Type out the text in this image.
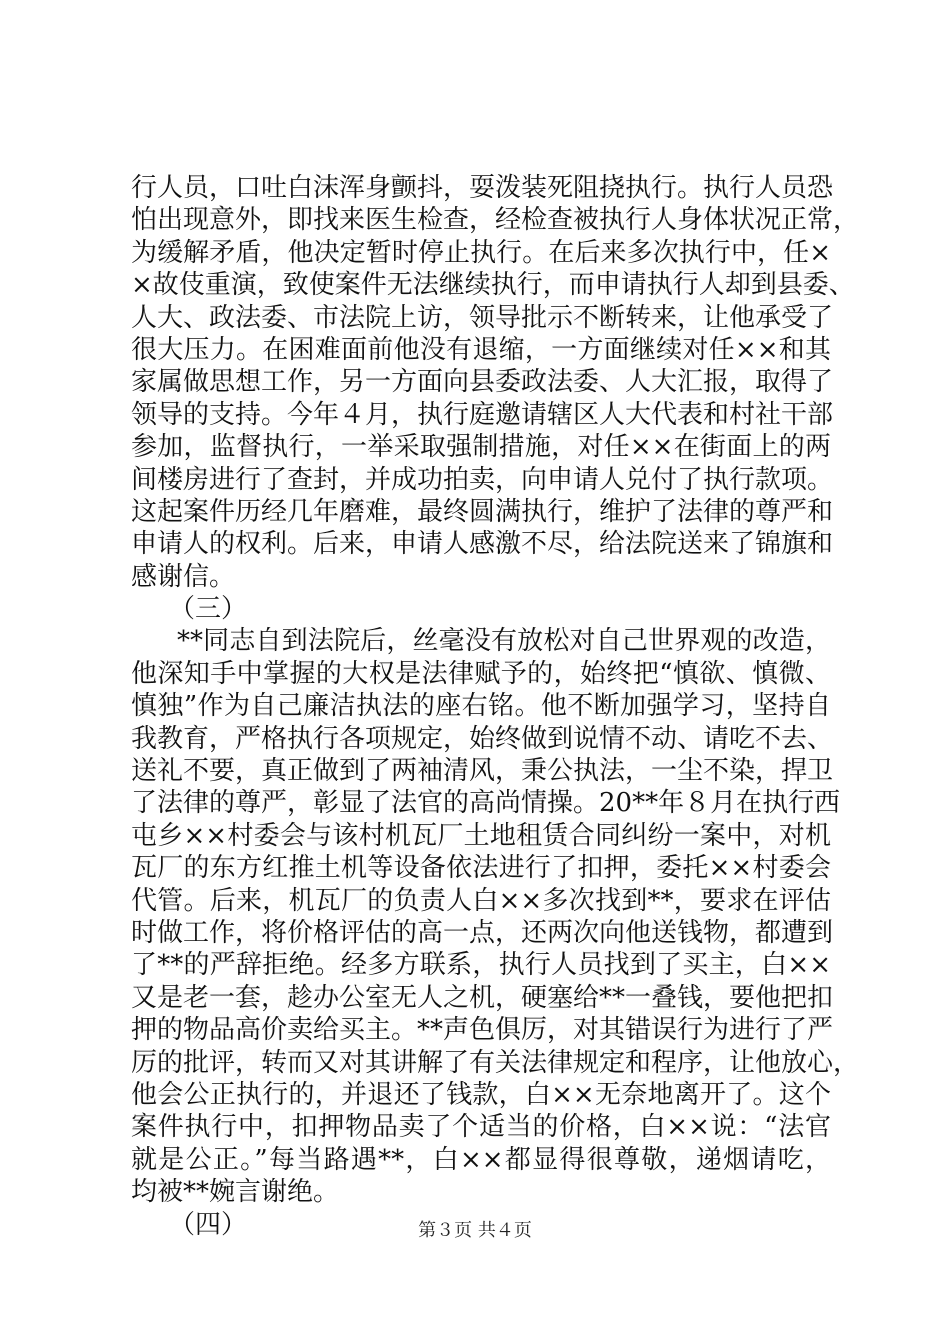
行人员，口吐白沫浑身颤抖，耍泼装死阻挠执行。执行人员恐
怕出现意外，即找来医生检查，经检查被执行人身体状况正常，
为缓解矛盾，他决定暂时停止执行。在后来多次执行中，任×
×故伎重演，致使案件无法继续执行，而申请执行人却到县委、
人大、政法委、市法院上访，领导批示不断转来，让他承受了
很大压力。在困难面前他没有退缩，一方面继续对任××和其
家属做思想工作，另一方面向县委政法委、人大汇报，取得了
领导的支持。今年４月，执行庭邀请辖区人大代表和村社干部
参加，监督执行，一举采取强制措施，对任××在街面上的两
间楼房进行了查封，并成功拍卖，向申请人兑付了执行款项。
这起案件历经几年磨难，最终圆满执行，维护了法律的尊严和
申请人的权利。后来，申请人感激不尽，给法院送来了锦旗和
感谢信。
（三）
**同志自到法院后，丝毫没有放松对自己世界观的改造，
他深知手中掌握的大权是法律赋予的，始终把“慎欲、慎微、
慎独”作为自己廉洁执法的座右铭。他不断加强学习，坚持自
我教育，严格执行各项规定，始终做到说情不动、请吃不去、
送礼不要，真正做到了两袖清风，秉公执法，一尘不染，捍卫
了法律的尊严，彰显了法官的高尚情操。20**年８月在执行西
屯乡××村委会与该村机瓦厂土地租赁合同纠纷一案中，对机
瓦厂的东方红推土机等设备依法进行了扣押，委托××村委会
代管。后来，机瓦厂的负责人白××多次找到**，要求在评估
时做工作，将价格评估的高一点，还两次向他送钱物，都遭到
了**的严辞拒绝。经多方联系，执行人员找到了买主，白××
又是老一套，趁办公室无人之机，硬塞给**一叠钱，要他把扣
押的物品高价卖给买主。**声色俱厉，对其错误行为进行了严
厉的批评，转而又对其讲解了有关法律规定和程序，让他放心，
他会公正执行的，并退还了钱款，白××无奈地离开了。这个
案件执行中，扣押物品卖了个适当的价格，白××说：“法官
就是公正。”每当路遇**，白××都显得很尊敬，递烟请吃，
均被**婉言谢绝。
（四）	第３页 共４页
